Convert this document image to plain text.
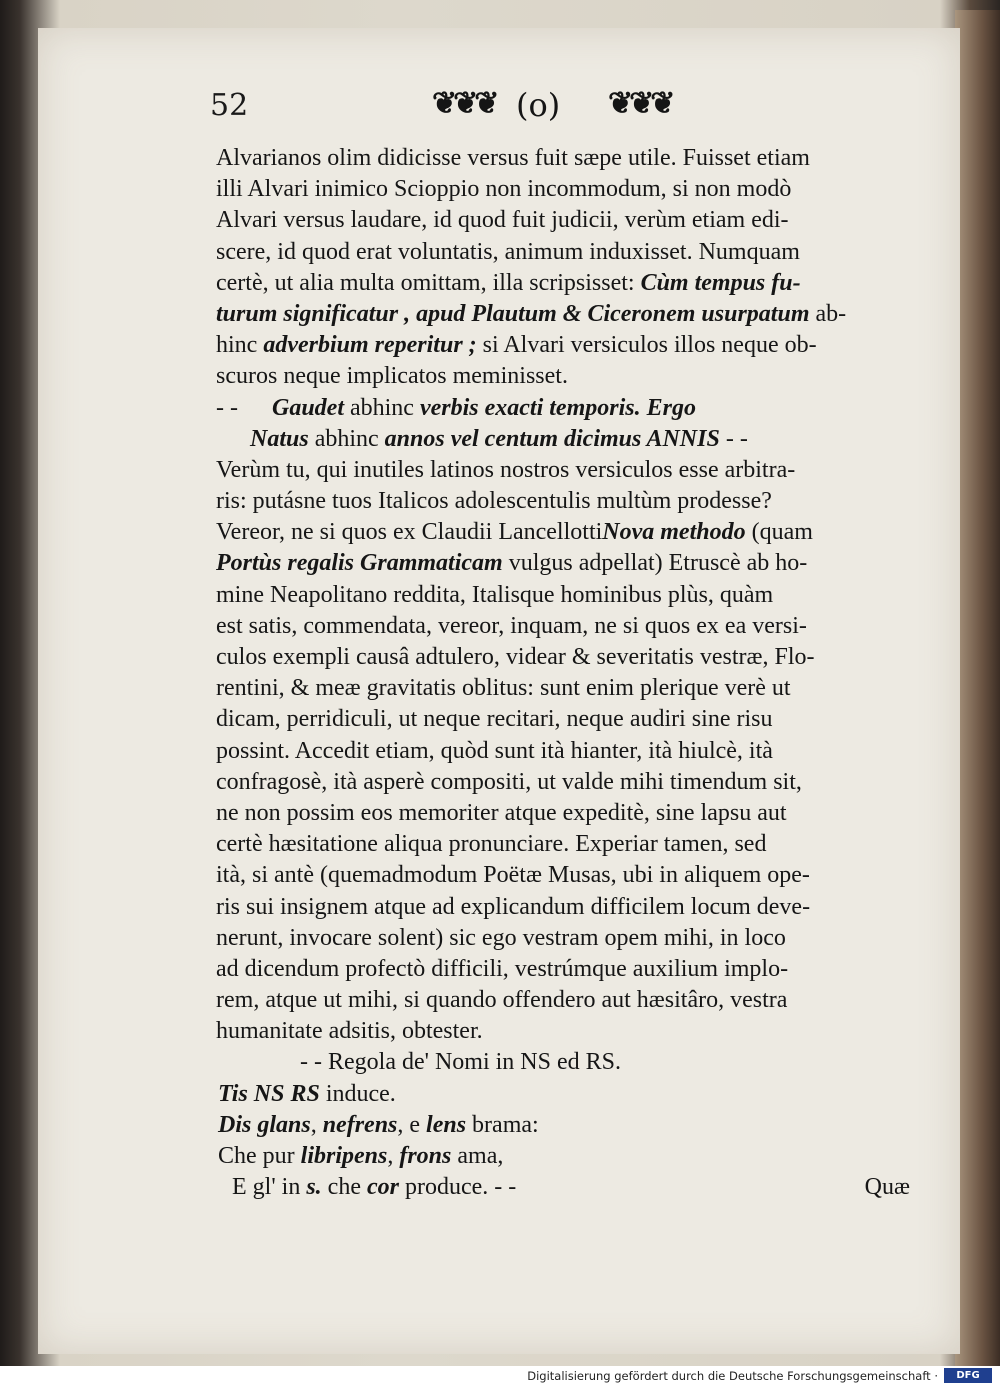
52	❦❦❦ (o) ❦❦❦
Alvarianos olim didicisse versus fuit sæpe utile. Fuisset etiam
illi Alvari inimico Scioppio non incommodum, si non modò
Alvari versus laudare, id quod fuit judicii, verùm etiam edi-
scere, id quod erat voluntatis, animum induxisset. Numquam
certè, ut alia multa omittam, illa scripsisset: Cùm tempus fu-
turum significatur , apud Plautum & Ciceronem usurpatum ab-
hinc adverbium reperitur ; si Alvari versiculos illos neque ob-
scuros neque implicatos meminisset.
- - Gaudet abhinc verbis exacti temporis. Ergo
Natus abhinc annos vel centum dicimus ANNIS - -
Verùm tu, qui inutiles latinos nostros versiculos esse arbitra-
ris: putásne tuos Italicos adolescentulis multùm prodesse?
Vereor, ne si quos ex Claudii LancellottiNova methodo (quam
Portùs regalis Grammaticam vulgus adpellat) Etruscè ab ho-
mine Neapolitano reddita, Italisque hominibus plùs, quàm
est satis, commendata, vereor, inquam, ne si quos ex ea versi-
culos exempli causâ adtulero, videar & severitatis vestræ, Flo-
rentini, & meæ gravitatis oblitus: sunt enim plerique verè ut
dicam, perridiculi, ut neque recitari, neque audiri sine risu
possint. Accedit etiam, quòd sunt ità hianter, ità hiulcè, ità
confragosè, ità asperè compositi, ut valde mihi timendum sit,
ne non possim eos memoriter atque expeditè, sine lapsu aut
certè hæsitatione aliqua pronunciare. Experiar tamen, sed
ità, si antè (quemadmodum Poëtæ Musas, ubi in aliquem ope-
ris sui insignem atque ad explicandum difficilem locum deve-
nerunt, invocare solent) sic ego vestram opem mihi, in loco
ad dicendum profectò difficili, vestrúmque auxilium implo-
rem, atque ut mihi, si quando offendero aut hæsitâro, vestra
humanitate adsitis, obtester.
- - Regola de' Nomi in NS ed RS.
Tis NS RS induce.
Dis glans, nefrens, e lens brama:
Che pur libripens, frons ama,
E gl' in s. che cor produce. - -	Quæ
Digitalisierung gefördert durch die Deutsche Forschungsgemeinschaft ·	DFG
